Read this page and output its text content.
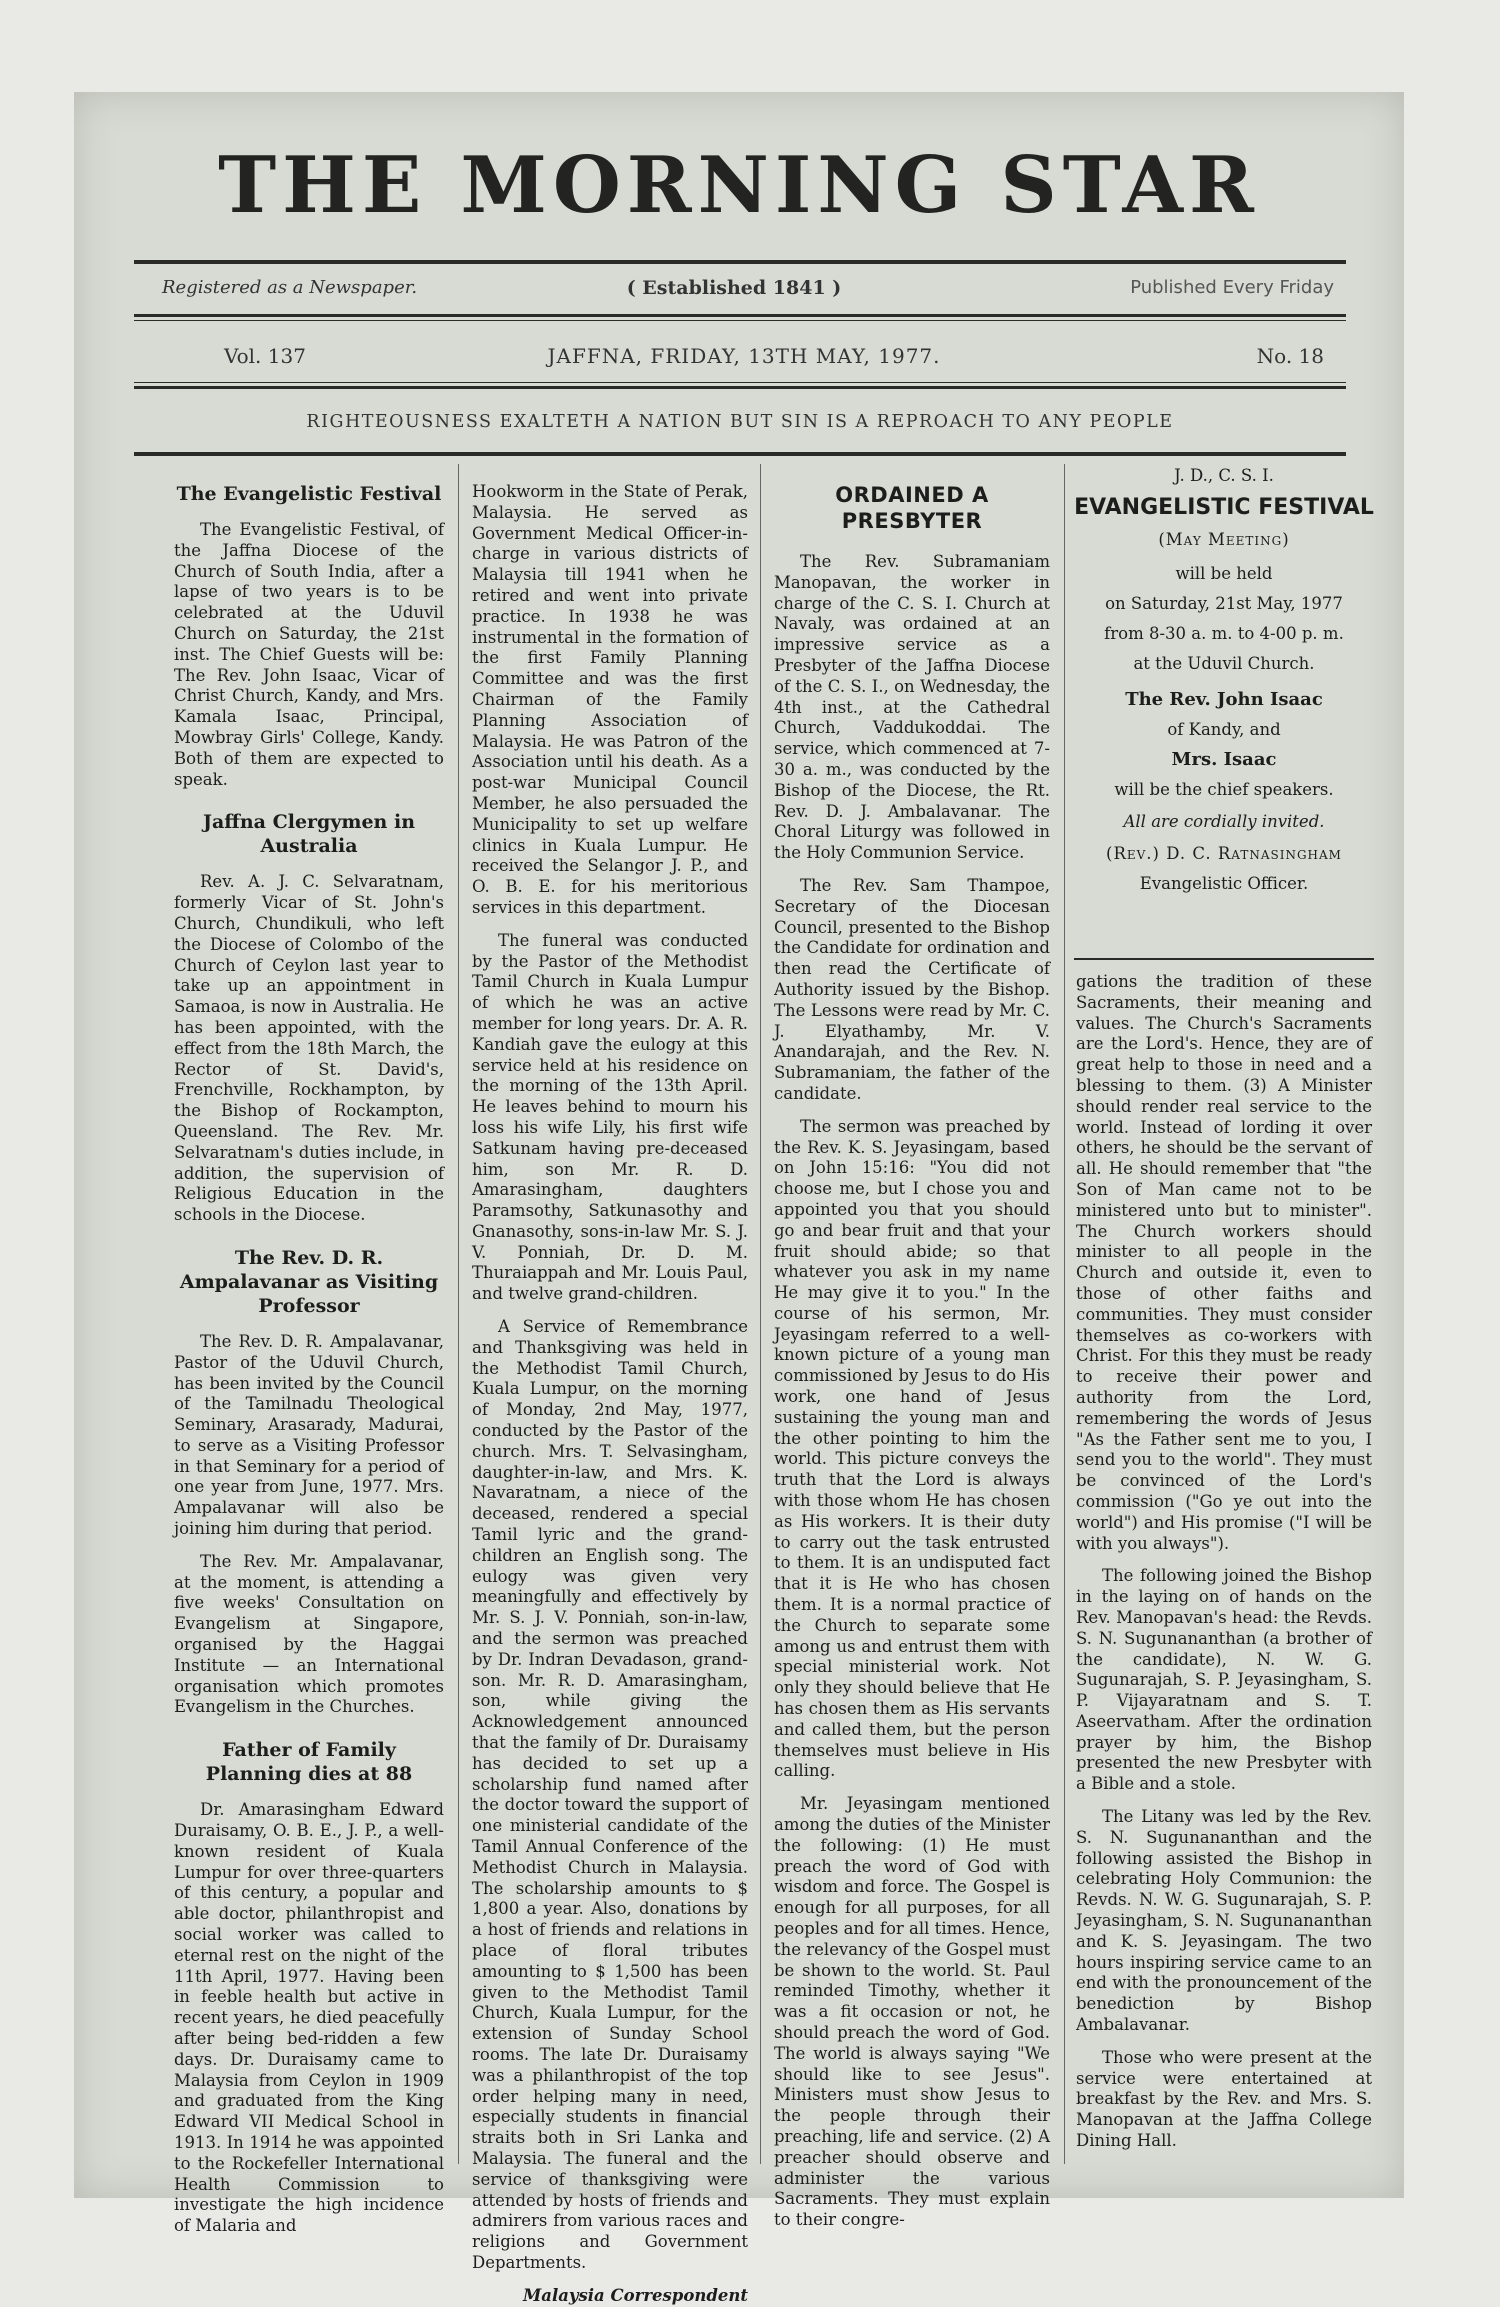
THE MORNING STAR
Registered as a Newspaper.	( Established 1841 )	Published Every Friday
Vol. 137	JAFFNA, FRIDAY, 13TH MAY, 1977.	No. 18
RIGHTEOUSNESS EXALTETH A NATION BUT SIN IS A REPROACH TO ANY PEOPLE
The Evangelistic Festival

The Evangelistic Festival, of the Jaffna Diocese of the Church of South India, after a lapse of two years is to be celebrated at the Uduvil Church on Saturday, the 21st inst. The Chief Guests will be: The Rev. John Isaac, Vicar of Christ Church, Kandy, and Mrs. Kamala Isaac, Principal, Mowbray Girls' College, Kandy. Both of them are expected to speak.

Jaffna Clergymen in Australia

Rev. A. J. C. Selvaratnam, formerly Vicar of St. John's Church, Chundikuli, who left the Diocese of Colombo of the Church of Ceylon last year to take up an appointment in Samaoa, is now in Australia. He has been appointed, with the effect from the 18th March, the Rector of St. David's, Frenchville, Rockhampton, by the Bishop of Rockampton, Queensland. The Rev. Mr. Selvaratnam's duties include, in addition, the supervision of Religious Education in the schools in the Diocese.

The Rev. D. R. Ampalavanar as Visiting Professor

The Rev. D. R. Ampalavanar, Pastor of the Uduvil Church, has been invited by the Council of the Tamilnadu Theological Seminary, Arasarady, Madurai, to serve as a Visiting Professor in that Seminary for a period of one year from June, 1977. Mrs. Ampalavanar will also be joining him during that period.

The Rev. Mr. Ampalavanar, at the moment, is attending a five weeks' Consultation on Evangelism at Singapore, organised by the Haggai Institute — an International organisation which promotes Evangelism in the Churches.

Father of Family Planning dies at 88

Dr. Amarasingham Edward Duraisamy, O. B. E., J. P., a well-known resident of Kuala Lumpur for over three-quarters of this century, a popular and able doctor, philanthropist and social worker was called to eternal rest on the night of the 11th April, 1977. Having been in feeble health but active in recent years, he died peacefully after being bed-ridden a few days. Dr. Duraisamy came to Malaysia from Ceylon in 1909 and graduated from the King Edward VII Medical School in 1913. In 1914 he was appointed to the Rockefeller International Health Commission to investigate the high incidence of Malaria and

Hookworm in the State of Perak, Malaysia. He served as Government Medical Officer-in-charge in various districts of Malaysia till 1941 when he retired and went into private practice. In 1938 he was instrumental in the formation of the first Family Planning Committee and was the first Chairman of the Family Planning Association of Malaysia. He was Patron of the Association until his death. As a post-war Municipal Council Member, he also persuaded the Municipality to set up welfare clinics in Kuala Lumpur. He received the Selangor J. P., and O. B. E. for his meritorious services in this department.

The funeral was conducted by the Pastor of the Methodist Tamil Church in Kuala Lumpur of which he was an active member for long years. Dr. A. R. Kandiah gave the eulogy at this service held at his residence on the morning of the 13th April. He leaves behind to mourn his loss his wife Lily, his first wife Satkunam having pre-deceased him, son Mr. R. D. Amarasingham, daughters Paramsothy, Satkunasothy and Gnanasothy, sons-in-law Mr. S. J. V. Ponniah, Dr. D. M. Thuraiappah and Mr. Louis Paul, and twelve grand-children.

A Service of Remembrance and Thanksgiving was held in the Methodist Tamil Church, Kuala Lumpur, on the morning of Monday, 2nd May, 1977, conducted by the Pastor of the church. Mrs. T. Selvasingham, daughter-in-law, and Mrs. K. Navaratnam, a niece of the deceased, rendered a special Tamil lyric and the grand-children an English song. The eulogy was given very meaningfully and effectively by Mr. S. J. V. Ponniah, son-in-law, and the sermon was preached by Dr. Indran Devadason, grand-son. Mr. R. D. Amarasingham, son, while giving the Acknowledgement announced that the family of Dr. Duraisamy has decided to set up a scholarship fund named after the doctor toward the support of one ministerial candidate of the Tamil Annual Conference of the Methodist Church in Malaysia. The scholarship amounts to $ 1,800 a year. Also, donations by a host of friends and relations in place of floral tributes amounting to $ 1,500 has been given to the Methodist Tamil Church, Kuala Lumpur, for the extension of Sunday School rooms. The late Dr. Duraisamy was a philanthropist of the top order helping many in need, especially students in financial straits both in Sri Lanka and Malaysia. The funeral and the service of thanksgiving were attended by hosts of friends and admirers from various races and religions and Government Departments.

Malaysia Correspondent
ORDAINED A PRESBYTER

The Rev. Subramaniam Manopavan, the worker in charge of the C. S. I. Church at Navaly, was ordained at an impressive service as a Presbyter of the Jaffna Diocese of the C. S. I., on Wednesday, the 4th inst., at the Cathedral Church, Vaddukoddai. The service, which commenced at 7-30 a. m., was conducted by the Bishop of the Diocese, the Rt. Rev. D. J. Ambalavanar. The Choral Liturgy was followed in the Holy Communion Service.

The Rev. Sam Thampoe, Secretary of the Diocesan Council, presented to the Bishop the Candidate for ordination and then read the Certificate of Authority issued by the Bishop. The Lessons were read by Mr. C. J. Elyathamby, Mr. V. Anandarajah, and the Rev. N. Subramaniam, the father of the candidate.

The sermon was preached by the Rev. K. S. Jeyasingam, based on John 15:16: "You did not choose me, but I chose you and appointed you that you should go and bear fruit and that your fruit should abide; so that whatever you ask in my name He may give it to you." In the course of his sermon, Mr. Jeyasingam referred to a well-known picture of a young man commissioned by Jesus to do His work, one hand of Jesus sustaining the young man and the other pointing to him the world. This picture conveys the truth that the Lord is always with those whom He has chosen as His workers. It is their duty to carry out the task entrusted to them. It is an undisputed fact that it is He who has chosen them. It is a normal practice of the Church to separate some among us and entrust them with special ministerial work. Not only they should believe that He has chosen them as His servants and called them, but the person themselves must believe in His calling.

Mr. Jeyasingam mentioned among the duties of the Minister the following: (1) He must preach the word of God with wisdom and force. The Gospel is enough for all purposes, for all peoples and for all times. Hence, the relevancy of the Gospel must be shown to the world. St. Paul reminded Timothy, whether it was a fit occasion or not, he should preach the word of God. The world is always saying "We should like to see Jesus". Ministers must show Jesus to the people through their preaching, life and service. (2) A preacher should observe and administer the various Sacraments. They must explain to their congre-

J. D., C. S. I.
EVANGELISTIC FESTIVAL
(May Meeting)
will be held
on Saturday, 21st May, 1977
from 8-30 a. m. to 4-00 p. m.
at the Uduvil Church.
The Rev. John Isaac
of Kandy, and
Mrs. Isaac
will be the chief speakers.
All are cordially invited.
(Rev.) D. C. Ratnasingham
Evangelistic Officer.

gations the tradition of these Sacraments, their meaning and values. The Church's Sacraments are the Lord's. Hence, they are of great help to those in need and a blessing to them. (3) A Minister should render real service to the world. Instead of lording it over others, he should be the servant of all. He should remember that "the Son of Man came not to be ministered unto but to minister". The Church workers should minister to all people in the Church and outside it, even to those of other faiths and communities. They must consider themselves as co-workers with Christ. For this they must be ready to receive their power and authority from the Lord, remembering the words of Jesus "As the Father sent me to you, I send you to the world". They must be convinced of the Lord's commission ("Go ye out into the world") and His promise ("I will be with you always").

The following joined the Bishop in the laying on of hands on the Rev. Manopavan's head: the Revds. S. N. Sugunananthan (a brother of the candidate), N. W. G. Sugunarajah, S. P. Jeyasingham, S. P. Vijayaratnam and S. T. Aseervatham. After the ordination prayer by him, the Bishop presented the new Presbyter with a Bible and a stole.

The Litany was led by the Rev. S. N. Sugunananthan and the following assisted the Bishop in celebrating Holy Communion: the Revds. N. W. G. Sugunarajah, S. P. Jeyasingham, S. N. Sugunananthan and K. S. Jeyasingam. The two hours inspiring service came to an end with the pronouncement of the benediction by Bishop Ambalavanar.

Those who were present at the service were entertained at breakfast by the Rev. and Mrs. S. Manopavan at the Jaffna College Dining Hall.
